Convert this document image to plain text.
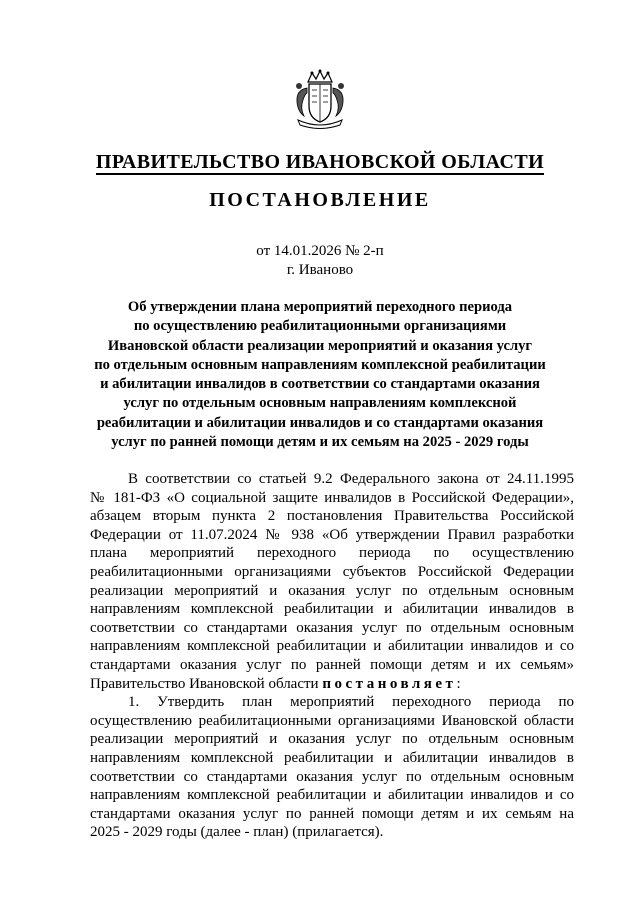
ПРАВИТЕЛЬСТВО ИВАНОВСКОЙ ОБЛАСТИ
ПОСТАНОВЛЕНИЕ
от 14.01.2026 № 2-п
г. Иваново
Об утверждении плана мероприятий переходного периода
по осуществлению реабилитационными организациями
Ивановской области реализации мероприятий и оказания услуг
по отдельным основным направлениям комплексной реабилитации
и абилитации инвалидов в соответствии со стандартами оказания
услуг по отдельным основным направлениям комплексной
реабилитации и абилитации инвалидов и со стандартами оказания
услуг по ранней помощи детям и их семьям на 2025 - 2029 годы
В соответствии со статьей 9.2 Федерального закона от 24.11.1995
№ 181-ФЗ «О социальной защите инвалидов в Российской Федерации»,
абзацем вторым пункта 2 постановления Правительства Российской
Федерации от 11.07.2024 № 938 «Об утверждении Правил разработки
плана мероприятий переходного периода по осуществлению
реабилитационными организациями субъектов Российской Федерации
реализации мероприятий и оказания услуг по отдельным основным
направлениям комплексной реабилитации и абилитации инвалидов в
соответствии со стандартами оказания услуг по отдельным основным
направлениям комплексной реабилитации и абилитации инвалидов и со
стандартами оказания услуг по ранней помощи детям и их семьям»
Правительство Ивановской области постановляет:
1. Утвердить план мероприятий переходного периода по
осуществлению реабилитационными организациями Ивановской области
реализации мероприятий и оказания услуг по отдельным основным
направлениям комплексной реабилитации и абилитации инвалидов в
соответствии со стандартами оказания услуг по отдельным основным
направлениям комплексной реабилитации и абилитации инвалидов и со
стандартами оказания услуг по ранней помощи детям и их семьям на
2025 - 2029 годы (далее - план) (прилагается).
